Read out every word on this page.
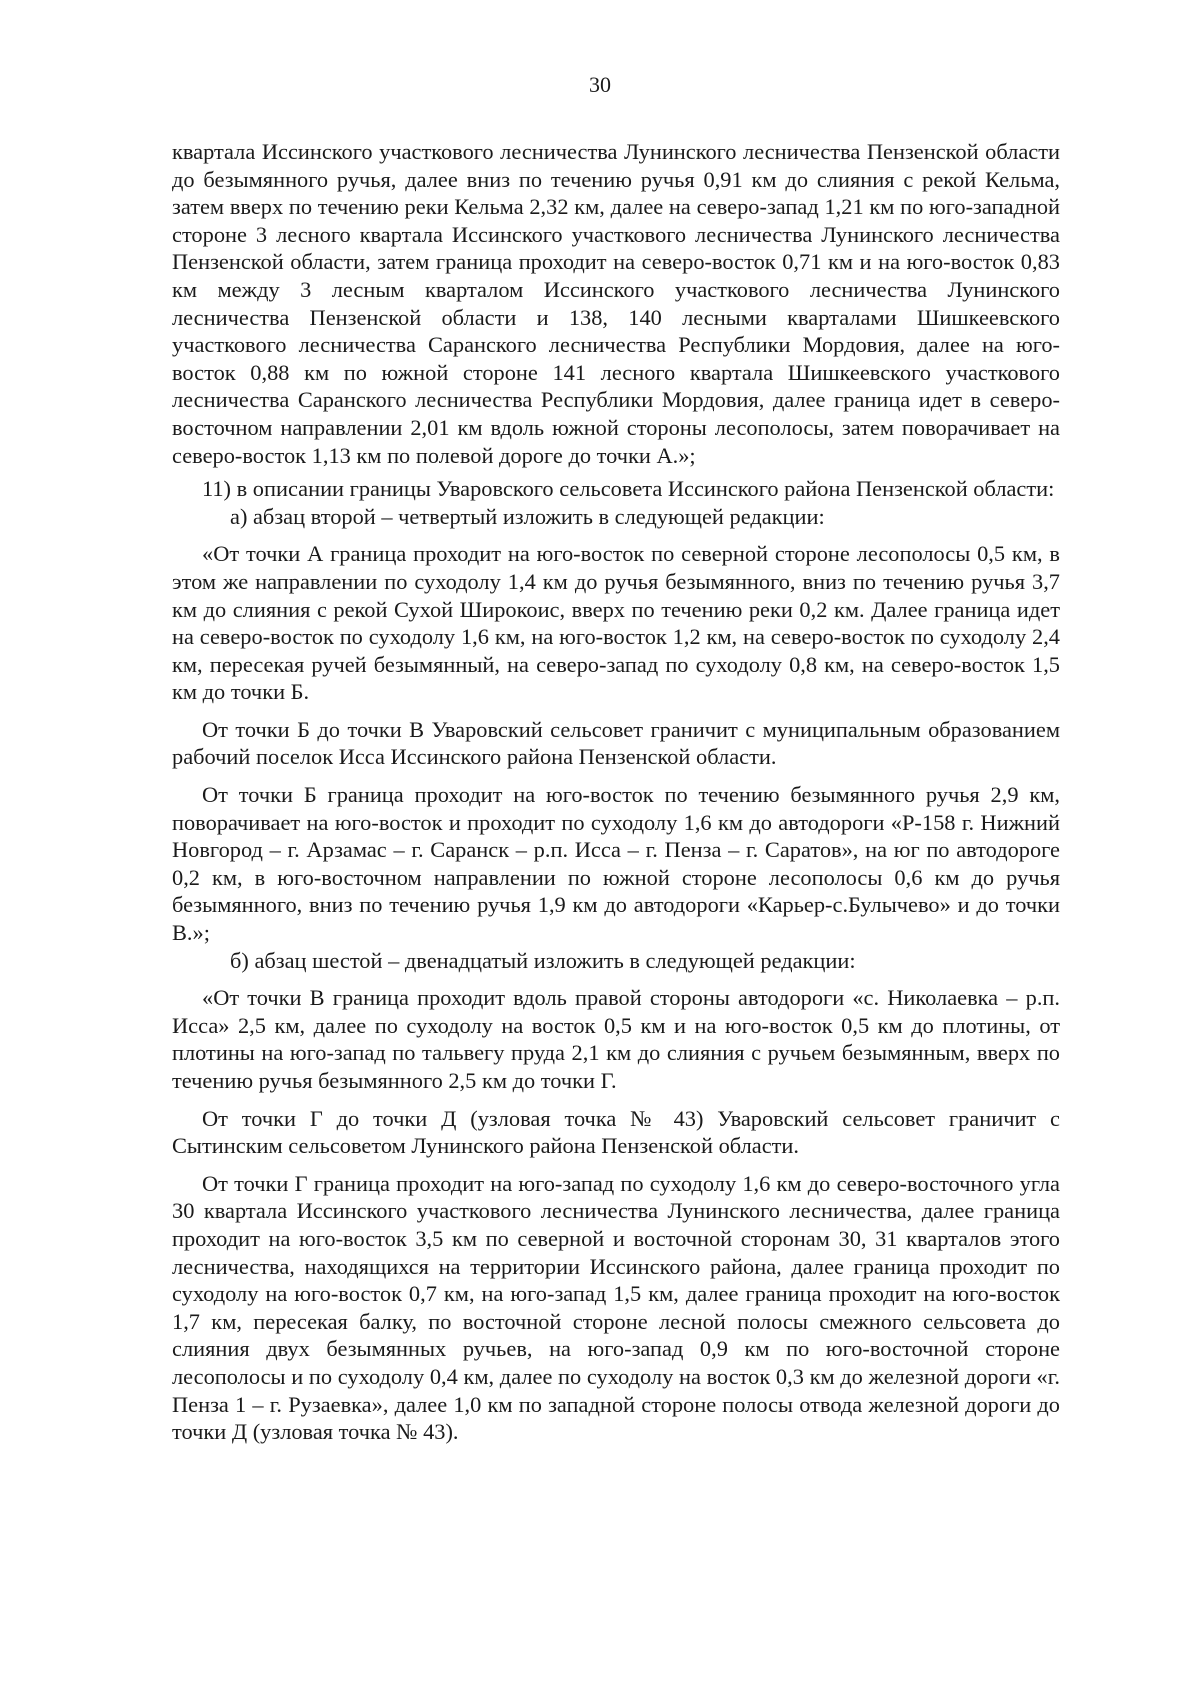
30

квартала Иссинского участкового лесничества Лунинского лесничества Пензенской области до безымянного ручья, далее вниз по течению ручья 0,91 км до слияния с рекой Кельма, затем вверх по течению реки Кельма 2,32 км, далее на северо-запад 1,21 км по юго-западной стороне 3 лесного квартала Иссинского участкового лесничества Лунинского лесничества Пензенской области, затем граница проходит на северо-восток 0,71 км и на юго-восток 0,83 км между 3 лесным кварталом Иссинского участкового лесничества Лунинского лесничества Пензенской области и 138, 140 лесными кварталами Шишкеевского участкового лесничества Саранского лесничества Республики Мордовия, далее на юго-восток 0,88 км по южной стороне 141 лесного квартала Шишкеевского участкового лесничества Саранского лесничества Республики Мордовия, далее граница идет в северо-восточном направлении 2,01 км вдоль южной стороны лесополосы, затем поворачивает на северо-восток 1,13 км по полевой дороге до точки А.»;

11) в описании границы Уваровского сельсовета Иссинского района Пензенской области:

а) абзац второй – четвертый изложить в следующей редакции:

«От точки А граница проходит на юго-восток по северной стороне лесополосы 0,5 км, в этом же направлении по суходолу 1,4 км до ручья безымянного, вниз по течению ручья 3,7 км до слияния с рекой Сухой Широкоис, вверх по течению реки 0,2 км. Далее граница идет на северо-восток по суходолу 1,6 км, на юго-восток 1,2 км, на северо-восток по суходолу 2,4 км, пересекая ручей безымянный, на северо-запад по суходолу 0,8 км, на северо-восток 1,5 км до точки Б.

От точки Б до точки В Уваровский сельсовет граничит с муниципальным образованием рабочий поселок Исса Иссинского района Пензенской области.

От точки Б граница проходит на юго-восток по течению безымянного ручья 2,9 км, поворачивает на юго-восток и проходит по суходолу 1,6 км до автодороги «Р-158 г. Нижний Новгород – г. Арзамас – г. Саранск – р.п. Исса – г. Пенза – г. Саратов», на юг по автодороге 0,2 км, в юго-восточном направлении по южной стороне лесополосы 0,6 км до ручья безымянного, вниз по течению ручья 1,9 км до автодороги «Карьер-с.Булычево» и до точки В.»;

б) абзац шестой – двенадцатый изложить в следующей редакции:

«От точки В граница проходит вдоль правой стороны автодороги «с. Николаевка – р.п. Исса» 2,5 км, далее по суходолу на восток 0,5 км и на юго-восток 0,5 км до плотины, от плотины на юго-запад по тальвегу пруда 2,1 км до слияния с ручьем безымянным, вверх по течению ручья безымянного 2,5 км до точки Г.

От точки Г до точки Д (узловая точка № 43) Уваровский сельсовет граничит с Сытинским сельсоветом Лунинского района Пензенской области.

От точки Г граница проходит на юго-запад по суходолу 1,6 км до северо-восточного угла 30 квартала Иссинского участкового лесничества Лунинского лесничества, далее граница проходит на юго-восток 3,5 км по северной и восточной сторонам 30, 31 кварталов этого лесничества, находящихся на территории Иссинского района, далее граница проходит по суходолу на юго-восток 0,7 км, на юго-запад 1,5 км, далее граница проходит на юго-восток 1,7 км, пересекая балку, по восточной стороне лесной полосы смежного сельсовета до слияния двух безымянных ручьев, на юго-запад 0,9 км по юго-восточной стороне лесополосы и по суходолу 0,4 км, далее по суходолу на восток 0,3 км до железной дороги «г. Пенза 1 – г. Рузаевка», далее 1,0 км по западной стороне полосы отвода железной дороги до точки Д (узловая точка № 43).
